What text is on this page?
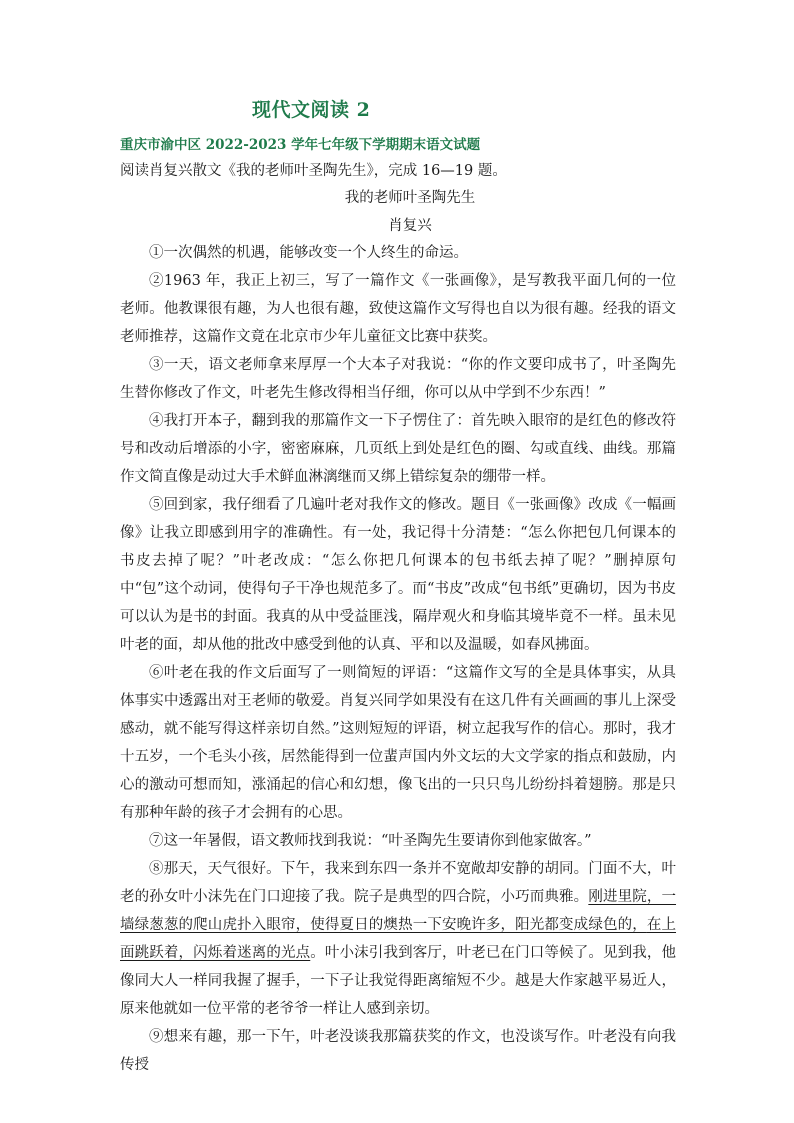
现代文阅读 2

重庆市渝中区 2022-2023 学年七年级下学期期末语文试题

阅读肖复兴散文《我的老师叶圣陶先生》，完成 16—19 题。

我的老师叶圣陶先生

肖复兴

①一次偶然的机遇，能够改变一个人终生的命运。

②1963 年，我正上初三，写了一篇作文《一张画像》，是写教我平面几何的一位老师。他教课很有趣，为人也很有趣，致使这篇作文写得也自以为很有趣。经我的语文老师推荐，这篇作文竟在北京市少年儿童征文比赛中获奖。

③一天，语文老师拿来厚厚一个大本子对我说：“你的作文要印成书了，叶圣陶先生替你修改了作文，叶老先生修改得相当仔细，你可以从中学到不少东西！”

④我打开本子，翻到我的那篇作文一下子愣住了：首先映入眼帘的是红色的修改符号和改动后增添的小字，密密麻麻，几页纸上到处是红色的圈、勾或直线、曲线。那篇作文简直像是动过大手术鲜血淋漓继而又绑上错综复杂的绷带一样。

⑤回到家，我仔细看了几遍叶老对我作文的修改。题目《一张画像》改成《一幅画像》让我立即感到用字的准确性。有一处，我记得十分清楚：“怎么你把包几何课本的书皮去掉了呢？”叶老改成：“怎么你把几何课本的包书纸去掉了呢？”删掉原句中“包”这个动词，使得句子干净也规范多了。而“书皮”改成“包书纸”更确切，因为书皮可以认为是书的封面。我真的从中受益匪浅，隔岸观火和身临其境毕竟不一样。虽未见叶老的面，却从他的批改中感受到他的认真、平和以及温暖，如春风拂面。

⑥叶老在我的作文后面写了一则简短的评语：“这篇作文写的全是具体事实，从具体事实中透露出对王老师的敬爱。肖复兴同学如果没有在这几件有关画画的事儿上深受感动，就不能写得这样亲切自然。”这则短短的评语，树立起我写作的信心。那时，我才十五岁，一个毛头小孩，居然能得到一位蜚声国内外文坛的大文学家的指点和鼓励，内心的激动可想而知，涨涌起的信心和幻想，像飞出的一只只鸟儿纷纷抖着翅膀。那是只有那种年龄的孩子才会拥有的心思。

⑦这一年暑假，语文教师找到我说：“叶圣陶先生要请你到他家做客。”

⑧那天，天气很好。下午，我来到东四一条并不宽敞却安静的胡同。门面不大，叶老的孙女叶小沫先在门口迎接了我。院子是典型的四合院，小巧而典雅。刚进里院，一墙绿葱葱的爬山虎扑入眼帘，使得夏日的燠热一下安晚许多，阳光都变成绿色的，在上面跳跃着，闪烁着迷离的光点。叶小沫引我到客厅，叶老已在门口等候了。见到我，他像同大人一样同我握了握手，一下子让我觉得距离缩短不少。越是大作家越平易近人，原来他就如一位平常的老爷爷一样让人感到亲切。

⑨想来有趣，那一下午，叶老没谈我那篇获奖的作文，也没谈写作。叶老没有向我传授
